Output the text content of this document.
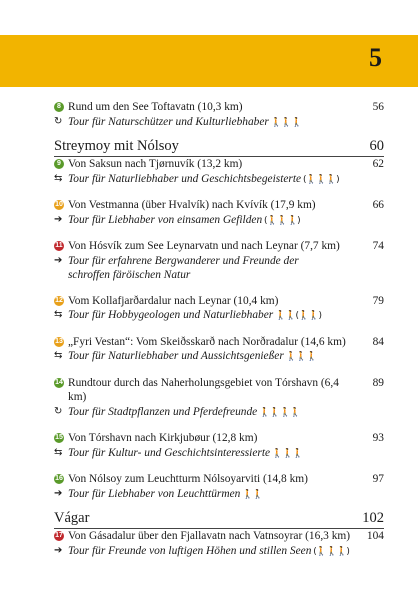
5
8 Rund um den See Toftavatn (10,3 km)	56
↻ Tour für Naturschützer und Kulturliebhaber 🚶🚶🚶
Streymoy mit Nólsoy	60
9 Von Saksun nach Tjørnuvík (13,2 km)	62
⇆ Tour für Naturliebhaber und Geschichtsbegeisterte (🚶🚶🚶)
10 Von Vestmanna (über Hvalvík) nach Kvívík (17,9 km)	66
➔ Tour für Liebhaber von einsamen Gefilden (🚶🚶🚶)
11 Von Hósvík zum See Leynarvatn und nach Leynar (7,7 km)	74
➔ Tour für erfahrene Bergwanderer und Freunde der
schroffen färöischen Natur
12 Vom Kollafjarðardalur nach Leynar (10,4 km)	79
⇆ Tour für Hobbygeologen und Naturliebhaber 🚶🚶(🚶🚶)
13 „Fyri Vestan“: Vom Skeiðsskarð nach Norðradalur (14,6 km) 84
⇆ Tour für Naturliebhaber und Aussichtsgenießer 🚶🚶🚶
14 Rundtour durch das Naherholungsgebiet von Tórshavn (6,4 km)
89
↻ Tour für Stadtpflanzen und Pferdefreunde 🚶🚶🚶🚶
15 Von Tórshavn nach Kirkjubøur (12,8 km)	93
⇆ Tour für Kultur- und Geschichtsinteressierte 🚶🚶🚶
16 Von Nólsoy zum Leuchtturm Nólsoyarviti (14,8 km)	97
➔ Tour für Liebhaber von Leuchttürmen 🚶🚶
Vágar	102
17 Von Gásadalur über den Fjallavatn nach Vatnsoyrar (16,3 km) 104
➔ Tour für Freunde von luftigen Höhen und stillen Seen (🚶🚶🚶)
